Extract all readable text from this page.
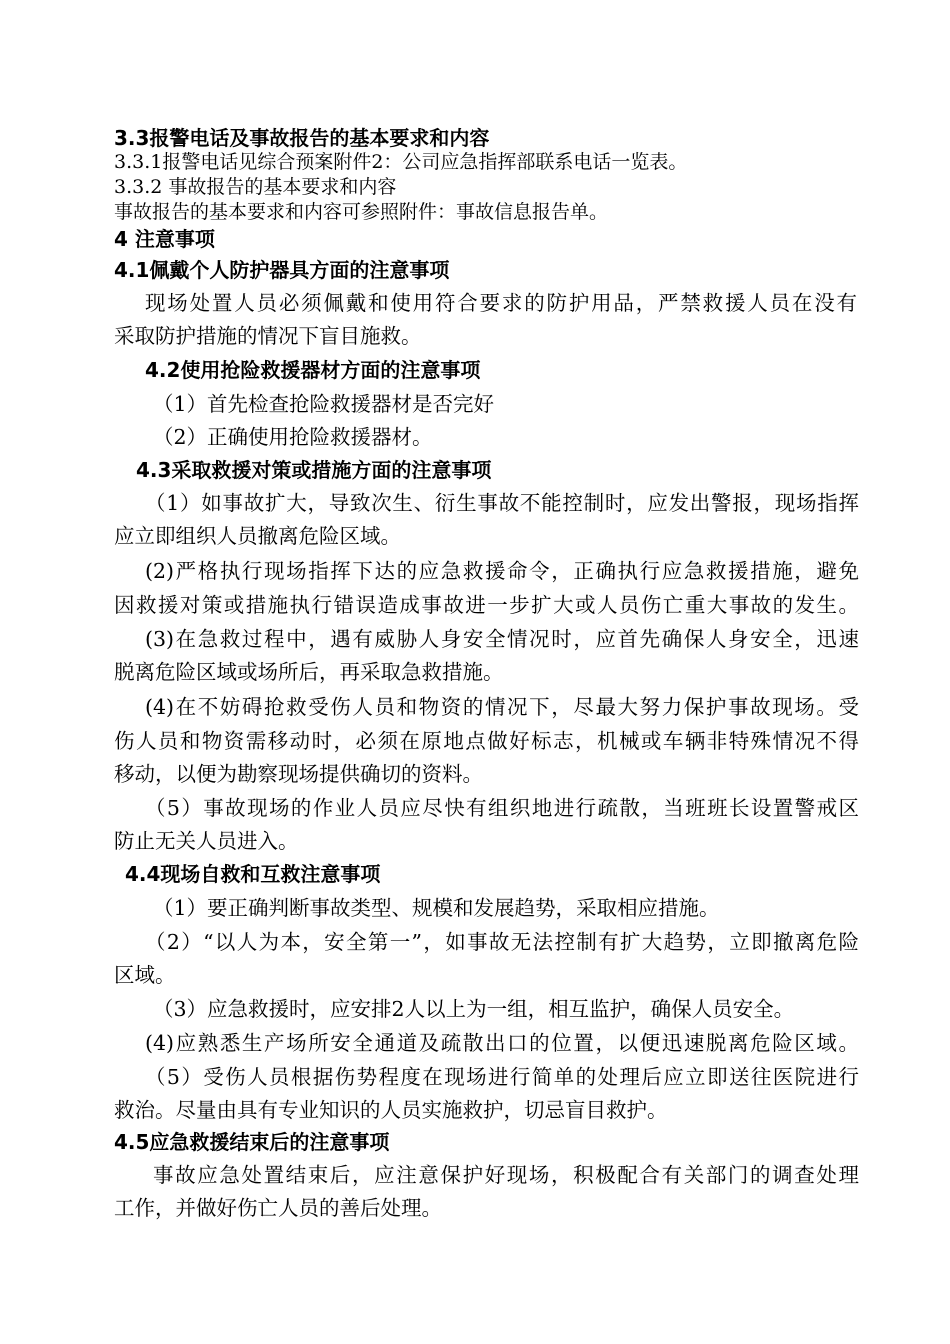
3.3报警电话及事故报告的基本要求和内容
3.3.1报警电话见综合预案附件2：公司应急指挥部联系电话一览表。
3.3.2 事故报告的基本要求和内容
事故报告的基本要求和内容可参照附件：事故信息报告单。
4 注意事项
4.1佩戴个人防护器具方面的注意事项
现场处置人员必须佩戴和使用符合要求的防护用品，严禁救援人员在没有
采取防护措施的情况下盲目施救。
4.2使用抢险救援器材方面的注意事项
（1）首先检查抢险救援器材是否完好
（2）正确使用抢险救援器材。
4.3采取救援对策或措施方面的注意事项
（1）如事故扩大，导致次生、衍生事故不能控制时，应发出警报，现场指挥
应立即组织人员撤离危险区域。
(2)严格执行现场指挥下达的应急救援命令，正确执行应急救援措施，避免
因救援对策或措施执行错误造成事故进一步扩大或人员伤亡重大事故的发生。
(3)在急救过程中，遇有威胁人身安全情况时，应首先确保人身安全，迅速
脱离危险区域或场所后，再采取急救措施。
(4)在不妨碍抢救受伤人员和物资的情况下，尽最大努力保护事故现场。受
伤人员和物资需移动时，必须在原地点做好标志，机械或车辆非特殊情况不得
移动，以便为勘察现场提供确切的资料。
（5）事故现场的作业人员应尽快有组织地进行疏散，当班班长设置警戒区
防止无关人员进入。
4.4现场自救和互救注意事项
（1）要正确判断事故类型、规模和发展趋势，采取相应措施。
（2）“以人为本，安全第一”，如事故无法控制有扩大趋势，立即撤离危险
区域。
（3）应急救援时，应安排2人以上为一组，相互监护，确保人员安全。
(4)应熟悉生产场所安全通道及疏散出口的位置，以便迅速脱离危险区域。
（5）受伤人员根据伤势程度在现场进行简单的处理后应立即送往医院进行
救治。尽量由具有专业知识的人员实施救护，切忌盲目救护。
4.5应急救援结束后的注意事项
事故应急处置结束后，应注意保护好现场，积极配合有关部门的调查处理
工作，并做好伤亡人员的善后处理。
